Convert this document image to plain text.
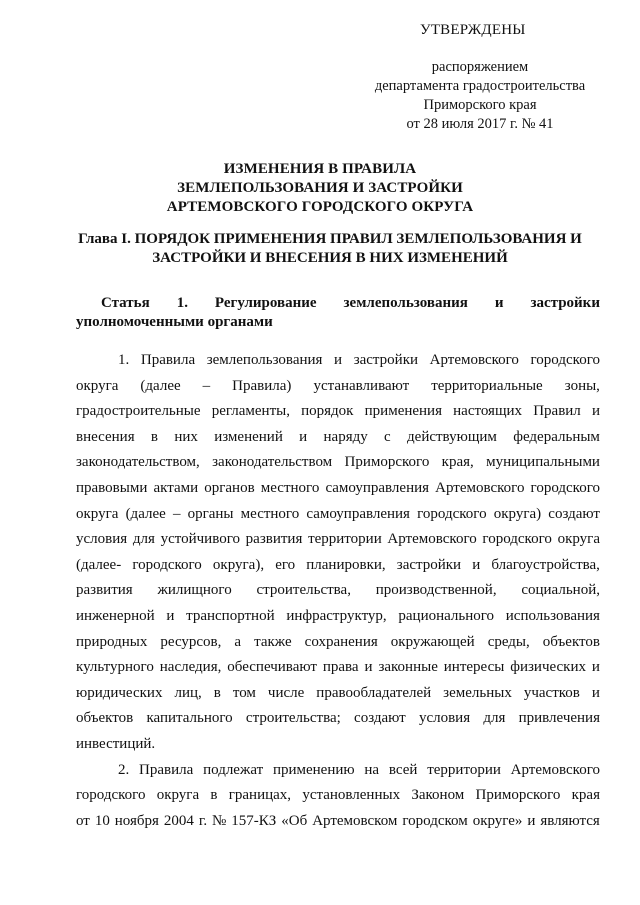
УТВЕРЖДЕНЫ
распоряжением
департамента градостроительства
Приморского края
от 28 июля 2017 г. № 41
ИЗМЕНЕНИЯ В ПРАВИЛА
ЗЕМЛЕПОЛЬЗОВАНИЯ И ЗАСТРОЙКИ
АРТЕМОВСКОГО ГОРОДСКОГО ОКРУГА
Глава I. ПОРЯДОК ПРИМЕНЕНИЯ ПРАВИЛ ЗЕМЛЕПОЛЬЗОВАНИЯ И
ЗАСТРОЙКИ И ВНЕСЕНИЯ В НИХ ИЗМЕНЕНИЙ
Статья 1. Регулирование землепользования и застройки
уполномоченными органами
1. Правила землепользования и застройки Артемовского городского
округа (далее – Правила) устанавливают территориальные зоны,
градостроительные регламенты, порядок применения настоящих Правил и
внесения в них изменений и наряду с действующим федеральным
законодательством, законодательством Приморского края, муниципальными
правовыми актами органов местного самоуправления Артемовского городского
округа (далее – органы местного самоуправления городского округа) создают
условия для устойчивого развития территории Артемовского городского округа
(далее- городского округа), его планировки, застройки и благоустройства,
развития жилищного строительства, производственной, социальной,
инженерной и транспортной инфраструктур, рационального использования
природных ресурсов, а также сохранения окружающей среды, объектов
культурного наследия, обеспечивают права и законные интересы физических и
юридических лиц, в том числе правообладателей земельных участков и
объектов капитального строительства; создают условия для привлечения
инвестиций.
2. Правила подлежат применению на всей территории Артемовского
городского округа в границах, установленных Законом Приморского края
от 10 ноября 2004 г. № 157-КЗ «Об Артемовском городском округе» и являются
